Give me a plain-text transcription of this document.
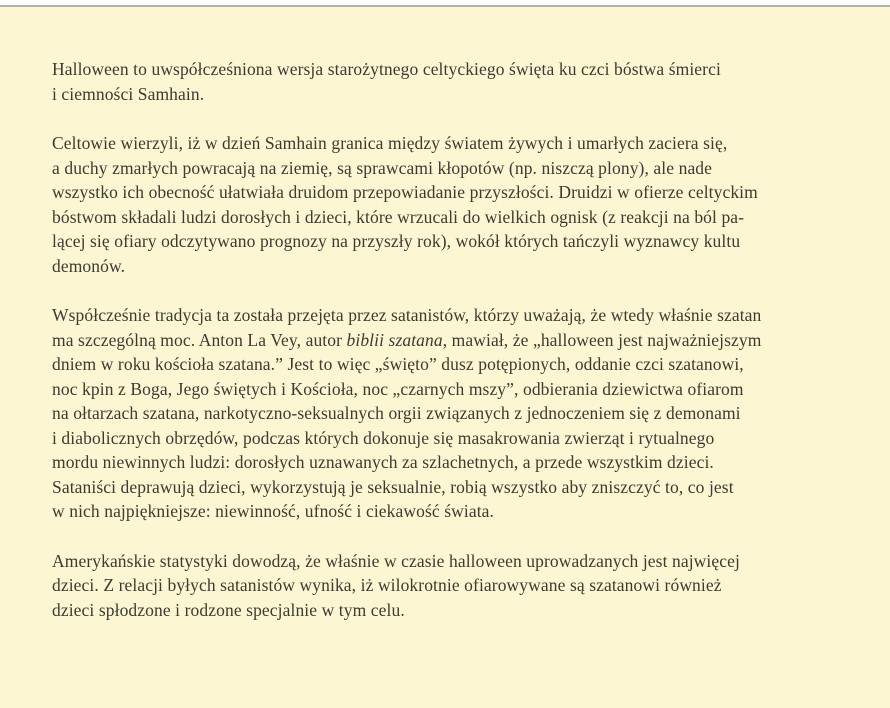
Halloween to uwspółcześniona wersja starożytnego celtyckiego święta ku czci bóstwa śmierci
i ciemności Samhain.

Celtowie wierzyli, iż w dzień Samhain granica między światem żywych i umarłych zaciera się,
a duchy zmarłych powracają na ziemię, są sprawcami kłopotów (np. niszczą plony), ale nade
wszystko ich obecność ułatwiała druidom przepowiadanie przyszłości. Druidzi w ofierze celtyckim
bóstwom składali ludzi dorosłych i dzieci, które wrzucali do wielkich ognisk (z reakcji na ból pa-
lącej się ofiary odczytywano prognozy na przyszły rok), wokół których tańczyli wyznawcy kultu
demonów.

Współcześnie tradycja ta została przejęta przez satanistów, którzy uważają, że wtedy właśnie szatan
ma szczególną moc. Anton La Vey, autor biblii szatana, mawiał, że „halloween jest najważniejszym
dniem w roku kościoła szatana.” Jest to więc „święto” dusz potępionych, oddanie czci szatanowi,
noc kpin z Boga, Jego świętych i Kościoła, noc „czarnych mszy”, odbierania dziewictwa ofiarom
na ołtarzach szatana, narkotyczno-seksualnych orgii związanych z jednoczeniem się z demonami
i diabolicznych obrzędów, podczas których dokonuje się masakrowania zwierząt i rytualnego
mordu niewinnych ludzi: dorosłych uznawanych za szlachetnych, a przede wszystkim dzieci.
Sataniści deprawują dzieci, wykorzystują je seksualnie, robią wszystko aby zniszczyć to, co jest
w nich najpiękniejsze: niewinność, ufność i ciekawość świata.

Amerykańskie statystyki dowodzą, że właśnie w czasie halloween uprowadzanych jest najwięcej
dzieci. Z relacji byłych satanistów wynika, iż wilokrotnie ofiarowywane są szatanowi również
dzieci spłodzone i rodzone specjalnie w tym celu.
